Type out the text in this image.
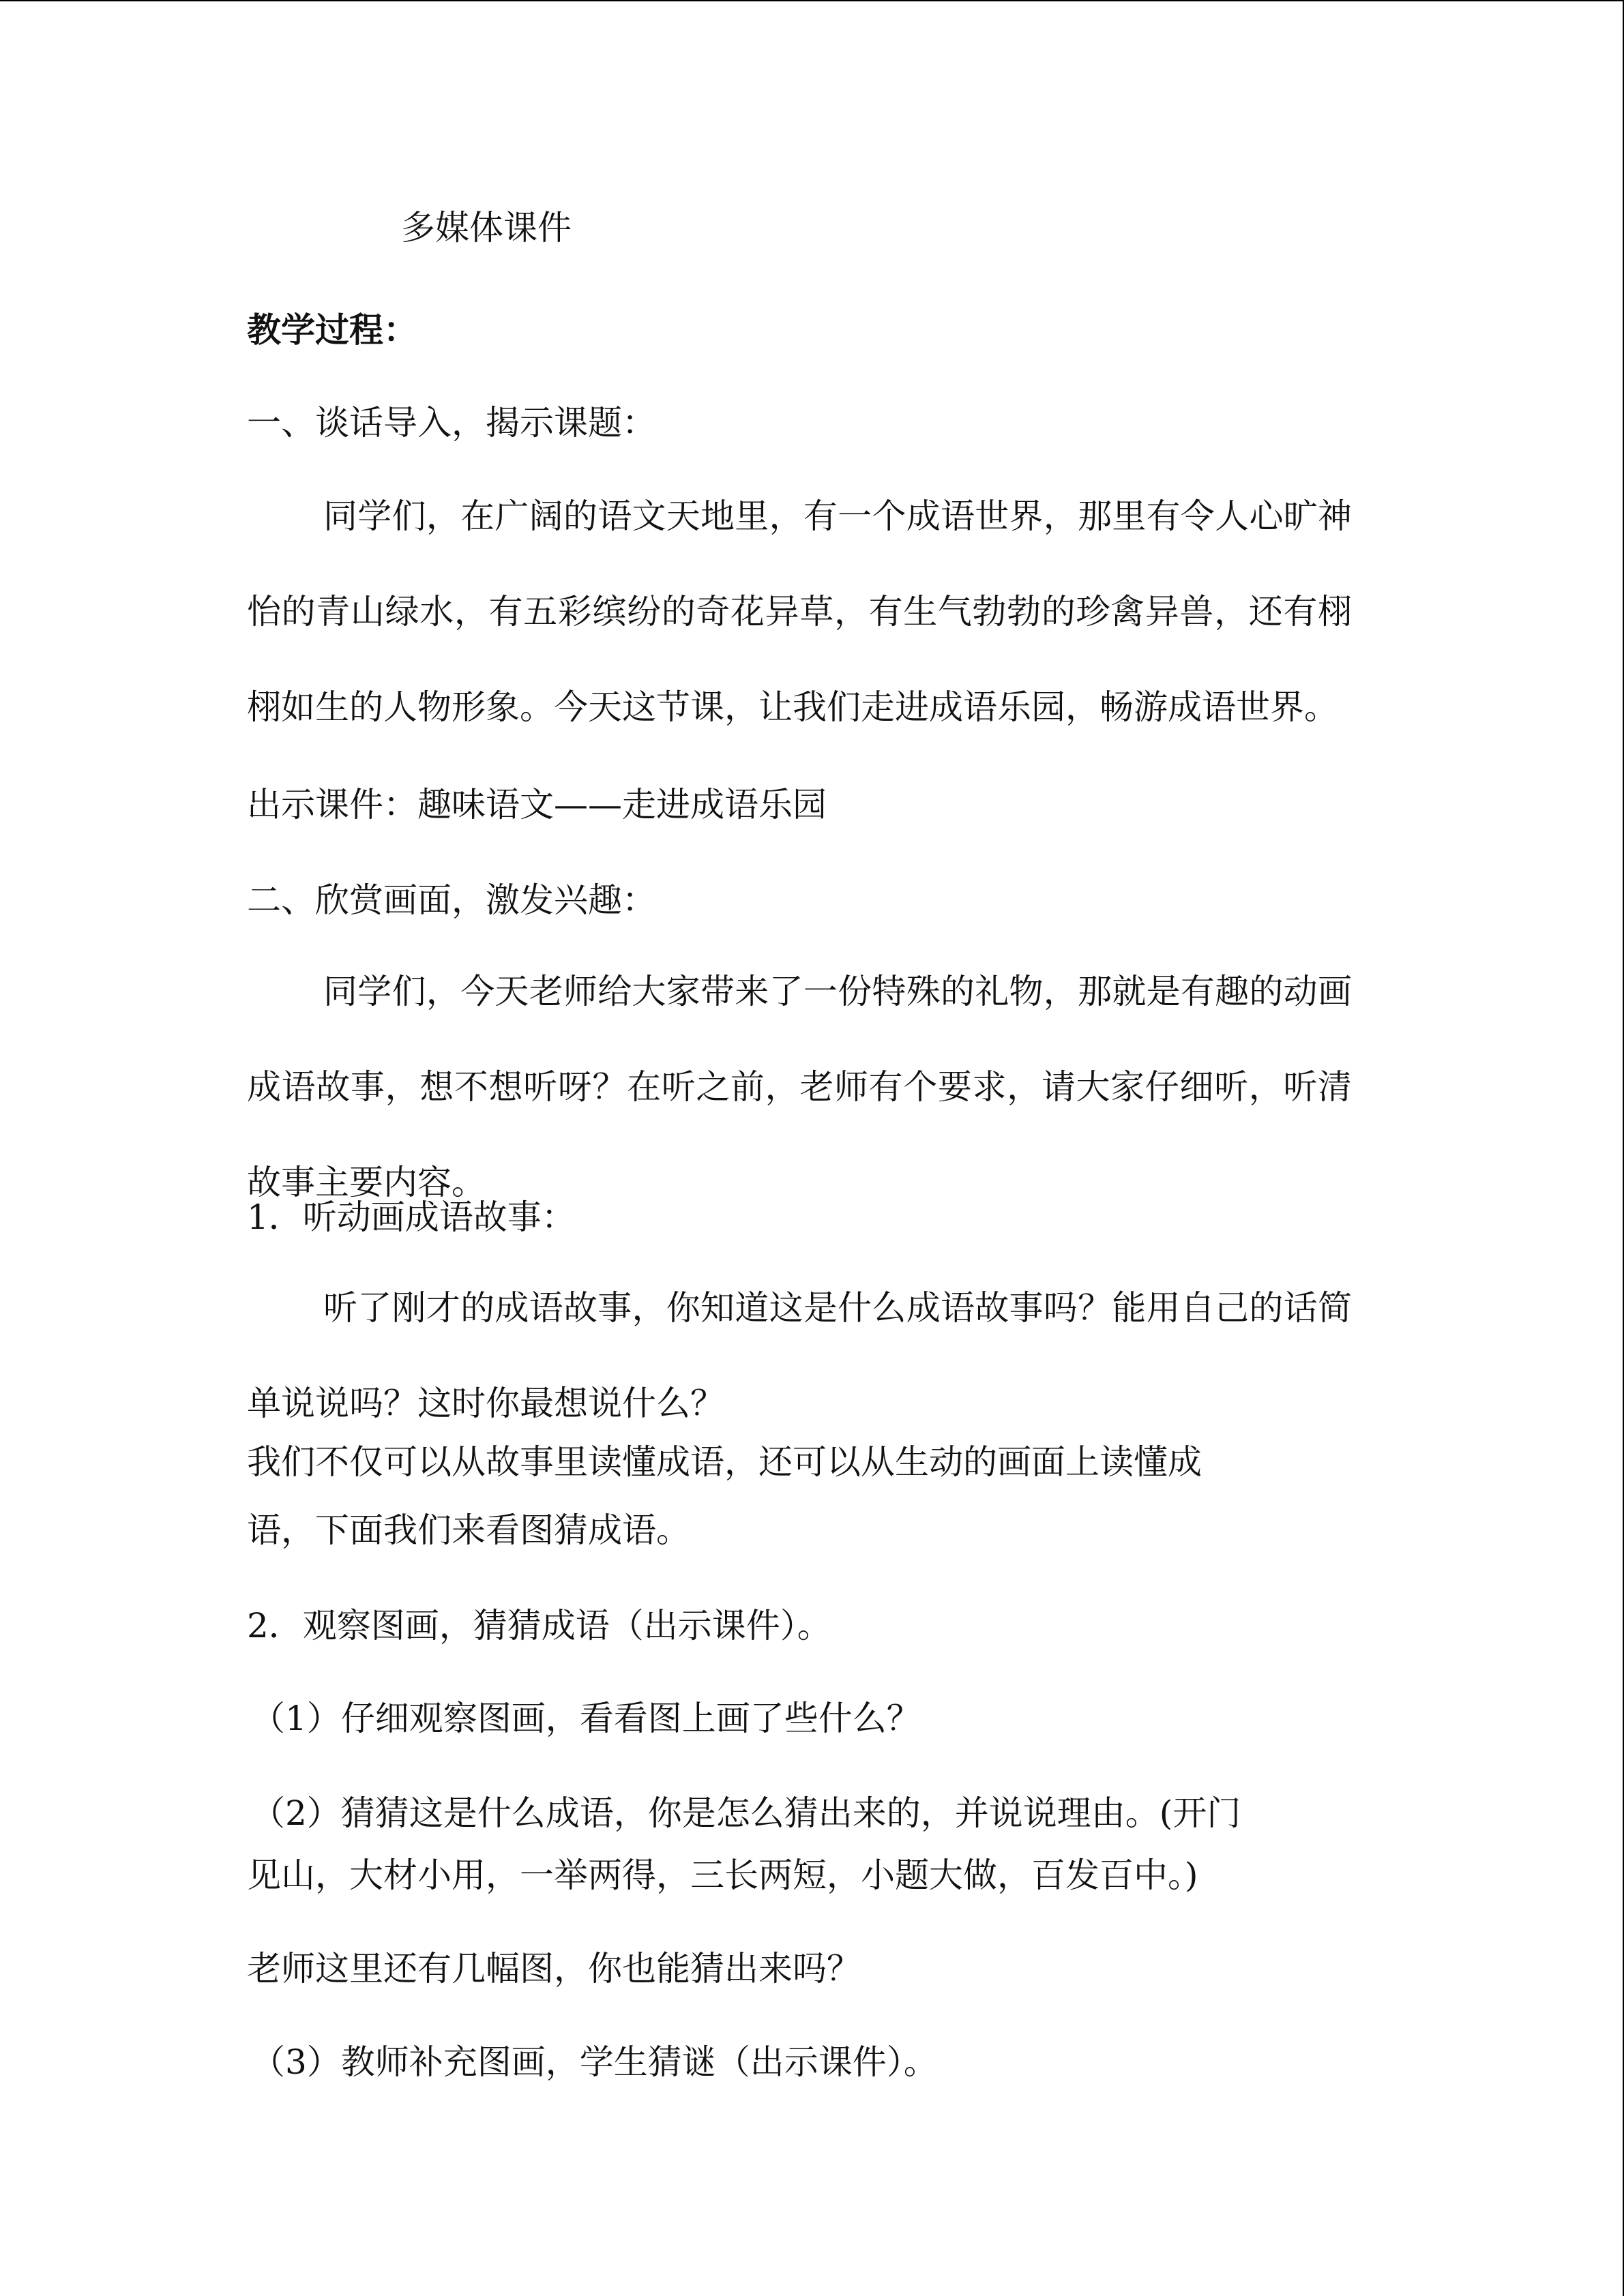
多媒体课件

教学过程：

一、谈话导入，揭示课题：

同学们，在广阔的语文天地里，有一个成语世界，那里有令人心旷神怡的青山绿水，有五彩缤纷的奇花异草，有生气勃勃的珍禽异兽，还有栩栩如生的人物形象。今天这节课，让我们走进成语乐园，畅游成语世界。

出示课件：趣味语文——走进成语乐园

二、欣赏画面，激发兴趣：

同学们，今天老师给大家带来了一份特殊的礼物，那就是有趣的动画成语故事，想不想听呀？在听之前，老师有个要求，请大家仔细听，听清故事主要内容。

1．听动画成语故事：

听了刚才的成语故事，你知道这是什么成语故事吗？能用自己的话简单说说吗？这时你最想说什么？

我们不仅可以从故事里读懂成语，还可以从生动的画面上读懂成

语，下面我们来看图猜成语。

2．观察图画，猜猜成语（出示课件）。

（1）仔细观察图画，看看图上画了些什么？

（2）猜猜这是什么成语，你是怎么猜出来的，并说说理由。(开门

见山，大材小用，一举两得，三长两短，小题大做，百发百中。)

老师这里还有几幅图，你也能猜出来吗？

（3）教师补充图画，学生猜谜（出示课件）。
